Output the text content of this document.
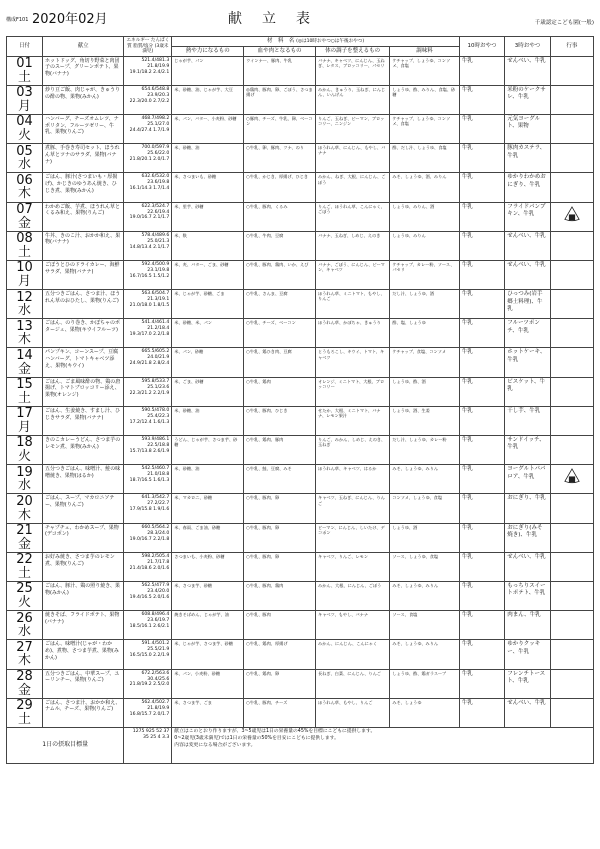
構成F101 2020年02月	献立表	千歳認定こども園(一般)
日付	献立	エネルギー たんぱく質 脂質/塩分 (3歳未満児)	材　料　名 (◎は10時おやつ○は午後おやつ)				10時おやつ	3時おやつ	行事
			熱や力になるもの	血や肉となるもの	体の調子を整えるもの	調味料			

01
土	ホットドッグ、角切り野菜と肉団子のスープ、グリーンポテト、果物(バナナ)	521.4/481.3 21.8/19.9 19.1/18.2 2.4/2.1	じゃが芋、パン	ウインナー、豚肉、牛乳	バナナ、キャベツ、にんじん、玉ねぎ、レタス、ブロッコリー、パセリ	ケチャップ、しょうゆ、コンソメ、食塩	牛乳	せんべい、牛乳	

03
月	炒り豆ご飯、肉じゃが、きゅうりの酢の物、果物(みかん)	654.6/548.8 23.9/20.3 22.3/20.0 2.7/2.2	米、砂糖、油、じゃが芋、大豆	◎鶏肉、豚肉、卵、ごぼう、さつま揚げ	みかん、きゅうり、玉ねぎ、にんじん、いんげん	しょうゆ、酢、みりん、食塩、砂糖	牛乳	米粉のケークサレ、牛乳	

04
火	ハンバーグ、チーズオムレツ、ナポリタン、フルーツゼリー、牛乳、果物(りんご)	468.7/498.2 25.1/27.0 24.4/27.4 1.7/1.9	米、パン、バター、小麦粉、砂糖	○豚肉、チーズ、牛乳、卵、ベーコン	りんご、玉ねぎ、ピーマン、ブロッコリー、ニンジン	ケチャップ、しょうゆ、コンソメ、食塩	牛乳	元気ヨーグルト、果物	

05
水	煮豚、手巻き寿司セット、ほうれん草とツナのサラダ、果物(バナナ)	700.0/597.9 25.6/22.0 21.8/20.1 2.0/1.7	米、砂糖、油	○牛乳、卵、豚肉、ツナ、のり	ほうれん草、にんじん、もやし、バナナ	酢、だし汁、しょうゆ、食塩	牛乳	豚肉カステラ、牛乳	

06
木	ごはん、豚汁(さつまいも・厚揚げ)、かじきのゆうあん焼き、ひじき煮、果物(みかん)	632.6/532.0 23.6/19.8 16.1/14.3 1.7/1.4	米、さつまいも、砂糖	○牛乳、かじき、厚揚げ、ひじき	みかん、ねぎ、大根、にんじん、ごぼう	みそ、しょうゆ、酒、みりん	牛乳	ゆかりわかめおにぎり、牛乳	

07
金	わかめご飯、芋煮、ほうれん草とくるみ和え、果物(りんご)	622.3/524.7 22.6/19.4 19.0/16.7 2.1/1.7	米、里芋、砂糖	○牛乳、豚肉、くるみ	りんご、ほうれん草、こんにゃく、ごぼう	しょうゆ、みりん、酒	牛乳	フライドパンプキン、牛乳	

08
土	牛丼、きのこ汁、おかか和え、果物(バナナ)	578.4/489.6 25.0/21.3 14.8/13.4 2.1/1.7	米、麩	○牛乳、牛肉、豆腐	バナナ、玉ねぎ、しめじ、えのき	しょうゆ、みりん	牛乳	せんべい、牛乳	

10
月	ごぼうとひのドライカレー、海鮮サラダ、果物(バナナ)	592.4/500.9 23.1/19.8 16.7/16.5 1.5/1.2	米、麦、バター、ごま、砂糖	○牛乳、豚肉、鶏肉、いか、えび	バナナ、ごぼう、にんじん、ピーマン、キャベツ	ケチャップ、カレー粉、ソース、パセリ	牛乳	せんべい、牛乳	

12
水	五分つきごはん、さつま汁、ほうれん草のおひたし、果物(りんご)	563.6/504.7 21.3/19.1 21.0/18.0 1.8/1.5	米、じゃが芋、砂糖、ごま	○牛乳、さんま、豆腐	ほうれん草、ミニトマト、もやし、りんご	だし汁、しょうゆ、酒	牛乳	ひっつみ(岩手郷土料理)、牛乳	

13
木	ごはん、のり巻き、かぼちゃのポタージュ、果物(キウイフルーツ)	541.4/461.4 21.2/18.4 19.3/17.0 2.2/1.8	米、砂糖、米、パン	○牛乳、チーズ、ベーコン	ほうれん草、かぼちゃ、きゅうり	酢、塩、しょうゆ	牛乳	フルーツポンチ、牛乳	

14
金	パンプキン、コーンスープ、豆腐ハンバーグ、トマトキャベツ添え、果物(キウイ)	665.5/605.2 24.0/21.9 24.9/21.8 2.8/2.4	米、パン、砂糖	○牛乳、鶏ひき肉、豆腐	とうもろこし、キウイ、トマト、キャベツ	ケチャップ、食塩、コンソメ	牛乳	ホットケーキ、牛乳	

15
土	ごはん、ごま風味酢の物、鶏の唐揚げ、トマトブロッコリー添え、果物(オレンジ)	595.8/533.7 25.1/23.6 22.3/21.2 2.2/1.9	米、ごま、砂糖	○牛乳、鶏肉	オレンジ、ミニトマト、大根、ブロッコリー	しょうゆ、酢、酒	牛乳	ビスケット、牛乳	

17
月	ごはん、生姜焼き、すまし汁、ひじきサラダ、果物(バナナ)	590.5/478.0 25.4/22.3 17.2/12.4 1.6/1.3	米、砂糖、油	○牛乳、豚肉、ひじき	せたか、大根、ミニトマト、バナナ、レモン果汁	しょうゆ、酒、生姜	牛乳	干し芋、牛乳	

18
火	きのこカレーうどん、さつま芋のレモン煮、果物(みかん)	593.9/486.1 22.5/18.8 15.7/13.8 2.6/1.9	うどん、じゃが芋、さつま芋、砂糖	○牛乳、鶏肉、豚肉	りんご、みかん、しめじ、えのき、玉ねぎ	だし汁、しょうゆ、カレー粉	牛乳	サンドイッチ、牛乳	

19
水	五分つきごはん、味噌汁、鮭の味噌焼き、果物(はるか)	542.5/460.7 21.0/18.8 18.7/16.5 1.6/1.3	米、砂糖、油	○牛乳、鮭、豆腐、みそ	ほうれん草、キャベツ、はるか	みそ、しょうゆ、みりん	牛乳	ヨーグルトパパロア、牛乳	

20
木	ごはん、スープ、マカロニソテー、果物(りんご)	641.3/542.7 27.2/22.7 17.9/15.8 1.9/1.6	米、マカロニ、砂糖	○牛乳、豚肉、卵	キャベツ、玉ねぎ、にんじん、りんご	コンソメ、しょうゆ、食塩	牛乳	おにぎり、牛乳	

21
金	チャプチェ、わかめスープ、果物(デコポン)	660.5/564.2 28.3/24.0 19.0/16.7 2.2/1.8	米、春雨、ごま油、砂糖	○牛乳、豚肉、卵	ピーマン、にんじん、しいたけ、デコポン	しょうゆ、酒	牛乳	おにぎり(みそ焼き)、牛乳	

22
土	お好み焼き、さつま芋のレモン煮、果物(りんご)	598.2/505.4 21.7/17.8 21.4/18.6 2.0/1.6	さつまいも、小麦粉、砂糖	○牛乳、豚肉、卵	キャベツ、りんご、レモン	ソース、しょうゆ、食塩	牛乳	せんべい、牛乳	

25
火	ごはん、豚汁、鶏の照り焼き、果物(みかん)	562.5/477.9 23.4/20.0 19.4/16.5 2.0/1.6	米、さつま芋、砂糖	○牛乳、豚肉、鶏肉	みかん、大根、にんじん、ごぼう	みそ、しょうゆ、みりん	牛乳	もっちりスイートポテト、牛乳	

26
水	焼きそば、フライドポテト、果物(バナナ)	608.8/496.4 23.6/19.7 18.5/16.1 2.6/2.1	焼きそばめん、じゃが芋、油	○牛乳、豚肉	キャベツ、もやし、バナナ	ソース、食塩	牛乳	肉まん、牛乳	

27
木	ごはん、味噌汁(じゃが・わかめ)、煮物、さつま芋煮、果物(みかん)	591.4/501.2 25.5/21.9 16.5/15.0 2.2/1.9	米、じゃが芋、さつま芋、砂糖	○牛乳、鶏肉、厚揚げ	みかん、にんじん、こんにゃく	みそ、しょうゆ、みりん	牛乳	ゆかりクッキー、牛乳	

28
金	五分つきごはん、中華スープ、ユーリンチー、果物(りんご)	672.2/563.6 30.4/25.6 21.8/19.2 2.5/2.0	米、パン、小麦粉、砂糖	○牛乳、鶏肉、卵	長ねぎ、白菜、にんじん、りんご	しょうゆ、酢、鶏ガラスープ	牛乳	フレンチトースト、牛乳	

29
土	ごはん、さつま汁、おかか和え、ナムル、チーズ、果物(りんご)	562.4/502.7 21.8/19.9 16.8/15.7 2.0/1.7	米、さつま芋、ごま	○牛乳、豚肉、チーズ	ほうれん草、もやし、りんご	みそ、しょうゆ	牛乳	せんべい、牛乳	

1日の摂取目標量		1275 925 52 37 35 25 4 3.3	献立はこのとおり作りますが、3~5歳児は1日の栄養量の45%を目標にこどもに提供します。
0~2歳児(3歳未満児)では1日の栄養量の50%を目安にこどもに提供します。
内容は変更になる場合がございます。						
